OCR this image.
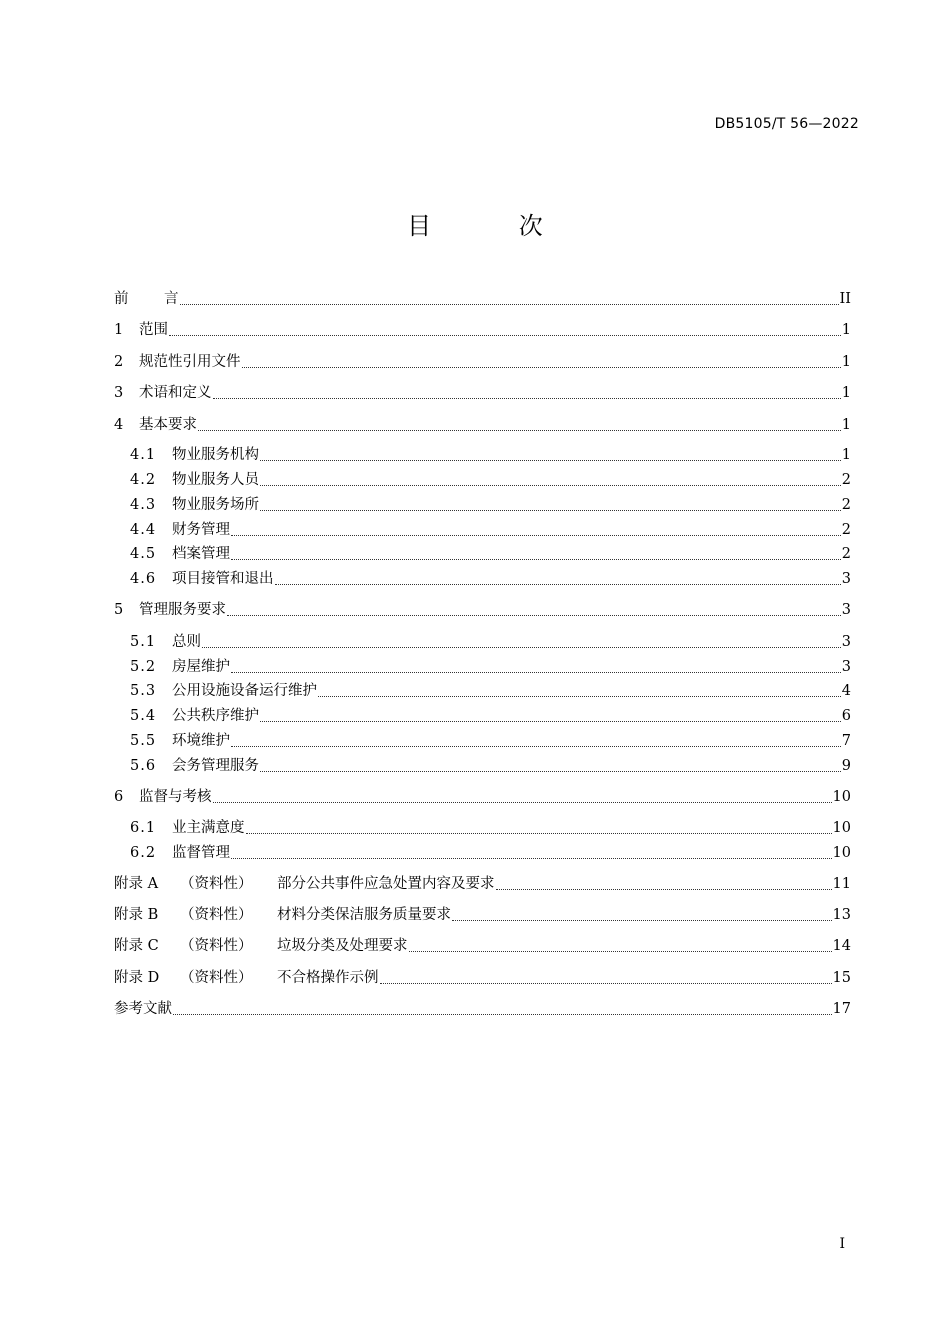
DB5105/T 56—2022
目 次
前	言	II
1	范围	1
2	规范性引用文件	1
3	术语和定义	1
4	基本要求	1
4.1	物业服务机构	1
4.2	物业服务人员	2
4.3	物业服务场所	2
4.4	财务管理	2
4.5	档案管理	2
4.6	项目接管和退出	3
5	管理服务要求	3
5.1	总则	3
5.2	房屋维护	3
5.3	公用设施设备运行维护	4
5.4	公共秩序维护	6
5.5	环境维护	7
5.6	会务管理服务	9
6	监督与考核	10
6.1	业主满意度	10
6.2	监督管理	10
附录 A	（资料性）	部分公共事件应急处置内容及要求	11
附录 B	（资料性）	材料分类保洁服务质量要求	13
附录 C	（资料性）	垃圾分类及处理要求	14
附录 D	（资料性）	不合格操作示例	15
参考文献	17
I
